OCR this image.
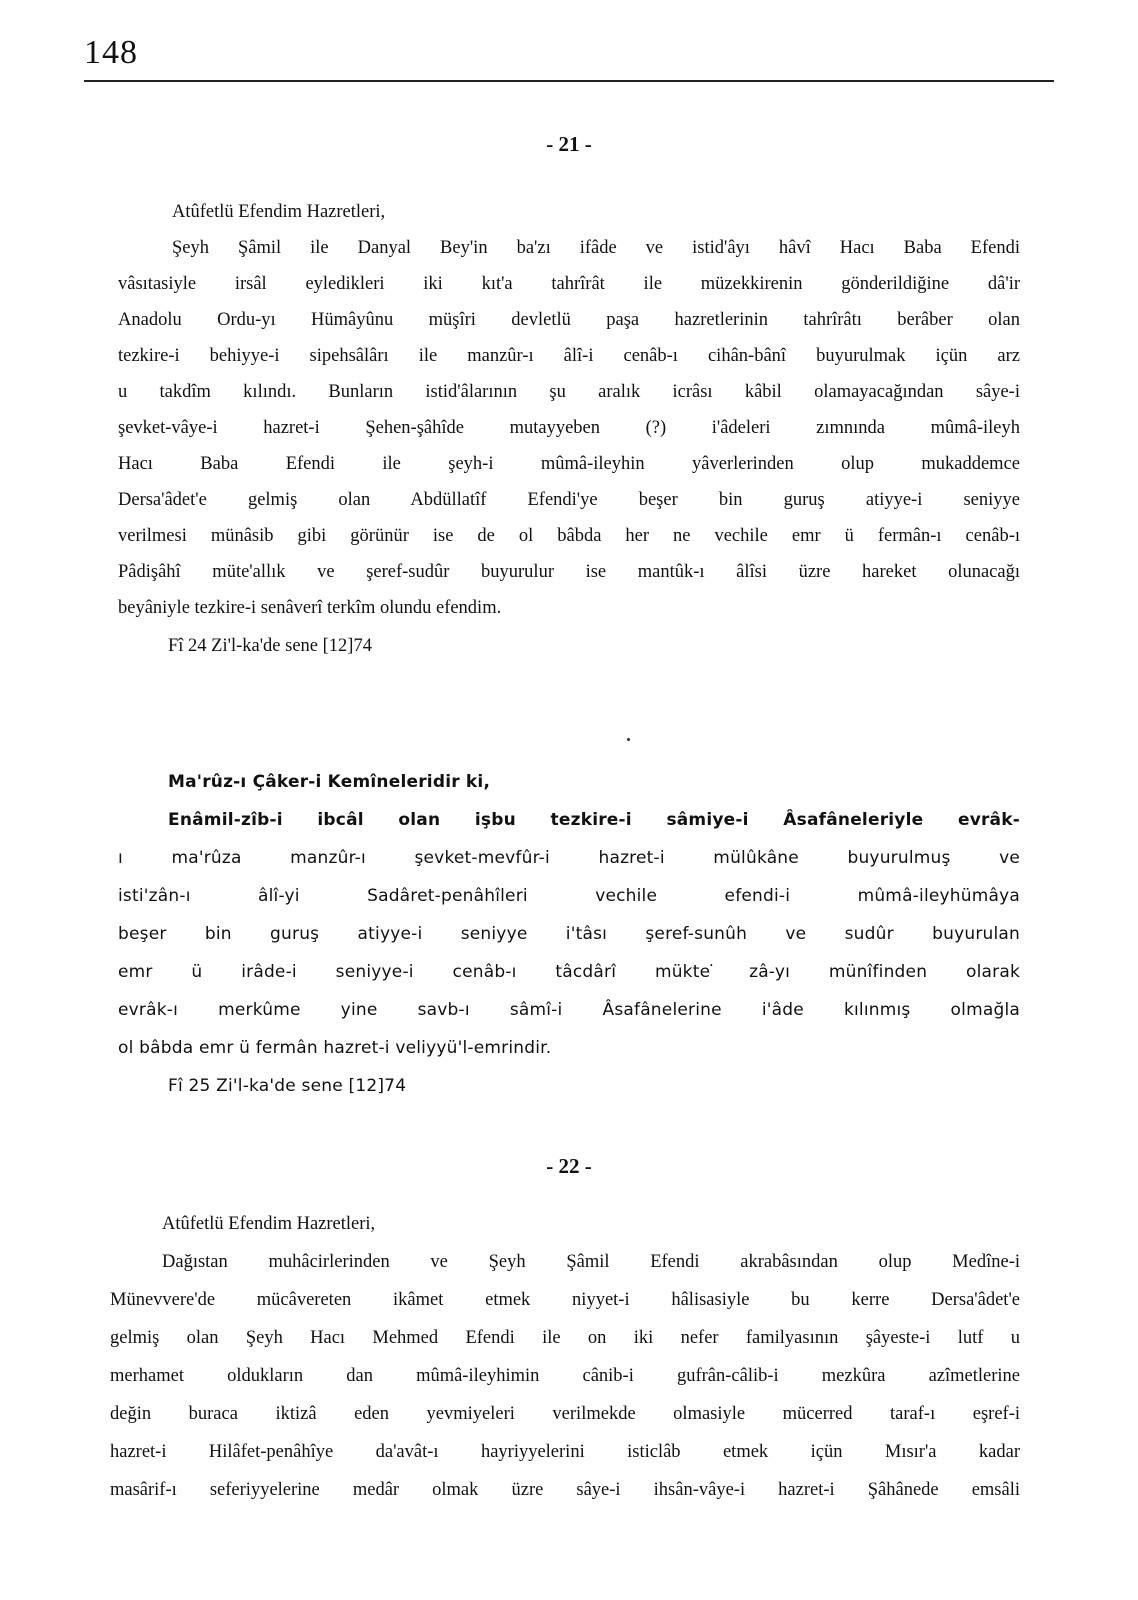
148
- 21 -

Atûfetlü Efendim Hazretleri,

Şeyh Şâmil ile Danyal Bey'in ba'zı ifâde ve istid'âyı hâvî Hacı Baba Efendi

vâsıtasiyle irsâl eyledikleri iki kıt'a tahrîrât ile müzekkirenin gönderildiğine dâ'ir

Anadolu Ordu-yı Hümâyûnu müşîri devletlü paşa hazretlerinin tahrîrâtı berâber olan

tezkire-i behiyye-i sipehsâlârı ile manzûr-ı âlî-i cenâb-ı cihân-bânî buyurulmak içün arz

u takdîm kılındı. Bunların istid'âlarının şu aralık icrâsı kâbil olamayacağından sâye-i

şevket-vâye-i hazret-i Şehen-şâhîde mutayyeben (?) i'âdeleri zımnında mûmâ-ileyh

Hacı Baba Efendi ile şeyh-i mûmâ-ileyhin yâverlerinden olup mukaddemce

Dersa'âdet'e gelmiş olan Abdüllatîf Efendi'ye beşer bin guruş atiyye-i seniyye

verilmesi münâsib gibi görünür ise de ol bâbda her ne vechile emr ü fermân-ı cenâb-ı

Pâdişâhî müte'allık ve şeref-sudûr buyurulur ise mantûk-ı âlîsi üzre hareket olunacağı

beyâniyle tezkire-i senâverî terkîm olundu efendim.

Fî 24 Zi'l-ka'de sene [12]74

Ma'rûz-ı Çâker-i Kemîneleridir ki,

Enâmil-zîb-i ibcâl olan işbu tezkire-i sâmiye-i Âsafâneleriyle evrâk-

ı ma'rûza manzûr-ı şevket-mevfûr-i hazret-i mülûkâne buyurulmuş ve

isti'zân-ı âlî-yi Sadâret-penâhîleri vechile efendi-i mûmâ-ileyhümâya

beşer bin guruş atiyye-i seniyye i'tâsı şeref-sunûh ve sudûr buyurulan

emr ü irâde-i seniyye-i cenâb-ı tâcdârî mükte ̇zâ-yı münîfinden olarak

evrâk-ı merkûme yine savb-ı sâmî-i Âsafânelerine i'âde kılınmış olmağla

ol bâbda emr ü fermân hazret-i veliyyü'l-emrindir.

Fî 25 Zi'l-ka'de sene [12]74

- 22 -

Atûfetlü Efendim Hazretleri,

Dağıstan muhâcirlerinden ve Şeyh Şâmil Efendi akrabâsından olup Medîne-i

Münevvere'de mücâvereten ikâmet etmek niyyet-i hâlisasiyle bu kerre Dersa'âdet'e

gelmiş olan Şeyh Hacı Mehmed Efendi ile on iki nefer familyasının şâyeste-i lutf u

merhamet oldukların dan mûmâ-ileyhimin cânib-i gufrân-câlib-i mezkûra azîmetlerine

değin buraca iktizâ eden yevmiyeleri verilmekde olmasiyle mücerred taraf-ı eşref-i

hazret-i Hilâfet-penâhîye da'avât-ı hayriyyelerini isticlâb etmek içün Mısır'a kadar

masârif-ı seferiyyelerine medâr olmak üzre sâye-i ihsân-vâye-i hazret-i Şâhânede emsâli
